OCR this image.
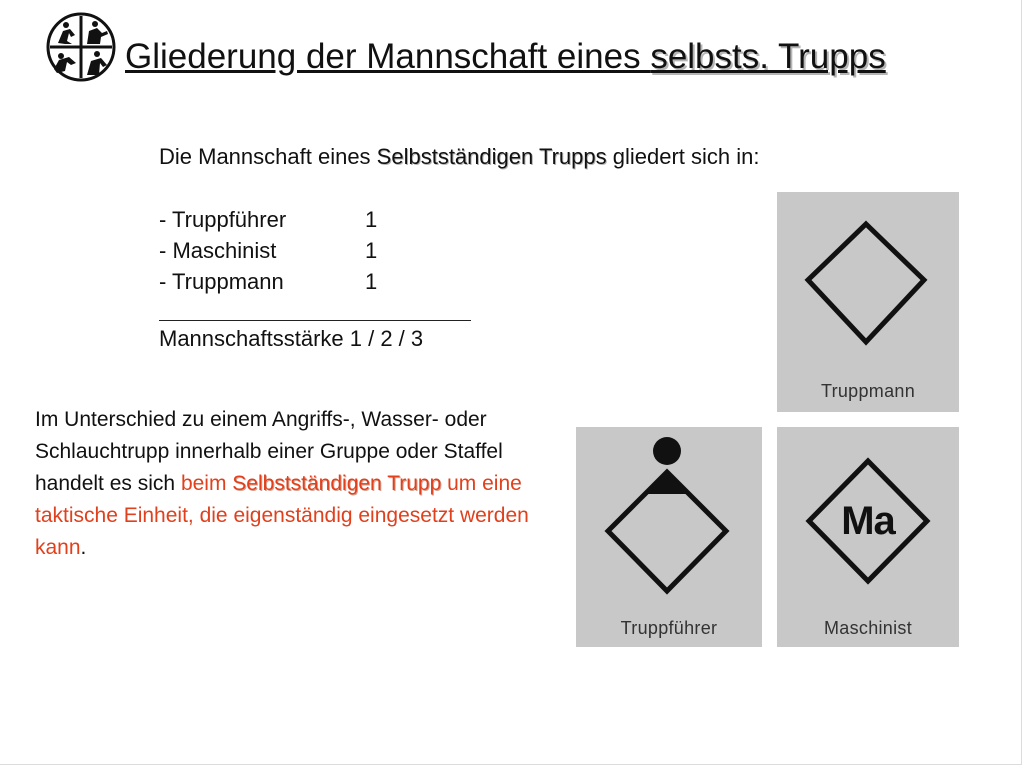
Gliederung der Mannschaft eines selbsts. Trupps
Die Mannschaft eines Selbstständigen Trupps gliedert sich in:
- Truppführer	1
- Maschinist	1
- Truppmann	1
Mannschaftsstärke 1 / 2 / 3
Im Unterschied zu einem Angriffs-, Wasser- oder Schlauchtrupp innerhalb einer Gruppe oder Staffel handelt es sich beim Selbstständigen Trupp um eine taktische Einheit, die eigenständig eingesetzt werden kann.
Truppmann
Truppführer
Ma
Maschinist
